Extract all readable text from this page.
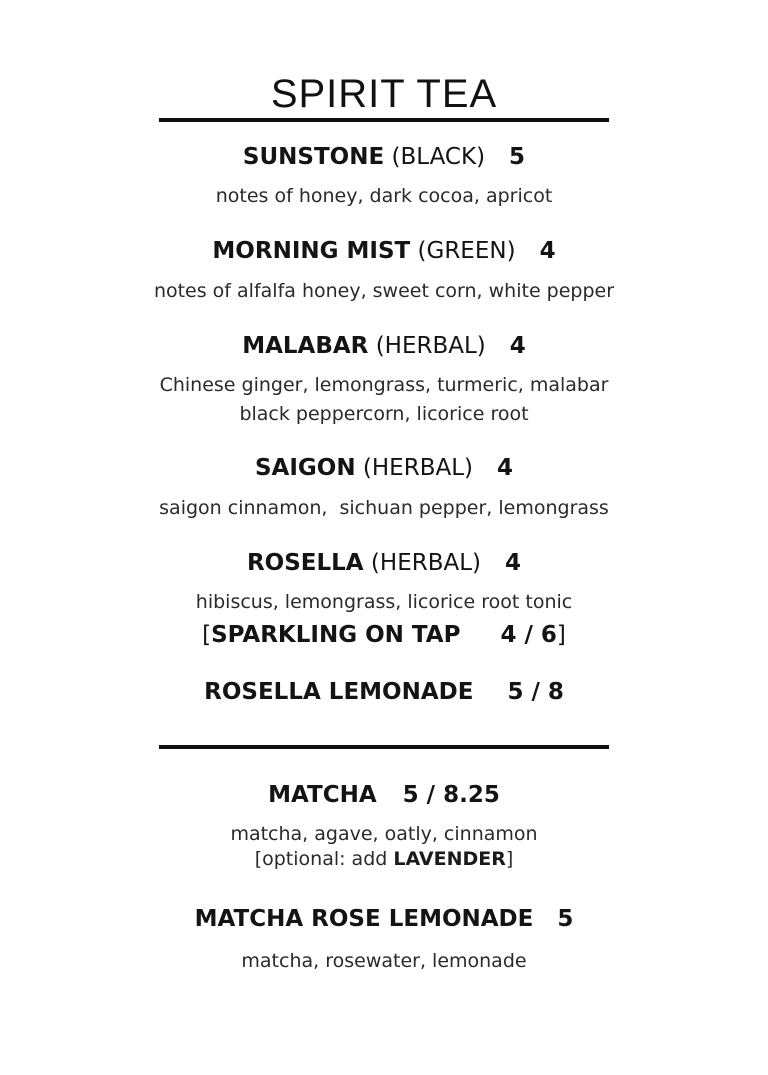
SPIRIT TEA
SUNSTONE (BLACK) 5
notes of honey, dark cocoa, apricot
MORNING MIST (GREEN) 4
notes of alfalfa honey, sweet corn, white pepper
MALABAR (HERBAL) 4
Chinese ginger, lemongrass, turmeric, malabar
black peppercorn, licorice root
SAIGON (HERBAL) 4
saigon cinnamon,  sichuan pepper, lemongrass
ROSELLA (HERBAL) 4
hibiscus, lemongrass, licorice root tonic
[SPARKLING ON TAP 4 / 6]
ROSELLA LEMONADE 5 / 8
MATCHA 5 / 8.25
matcha, agave, oatly, cinnamon
[optional: add LAVENDER]
MATCHA ROSE LEMONADE 5
matcha, rosewater, lemonade
